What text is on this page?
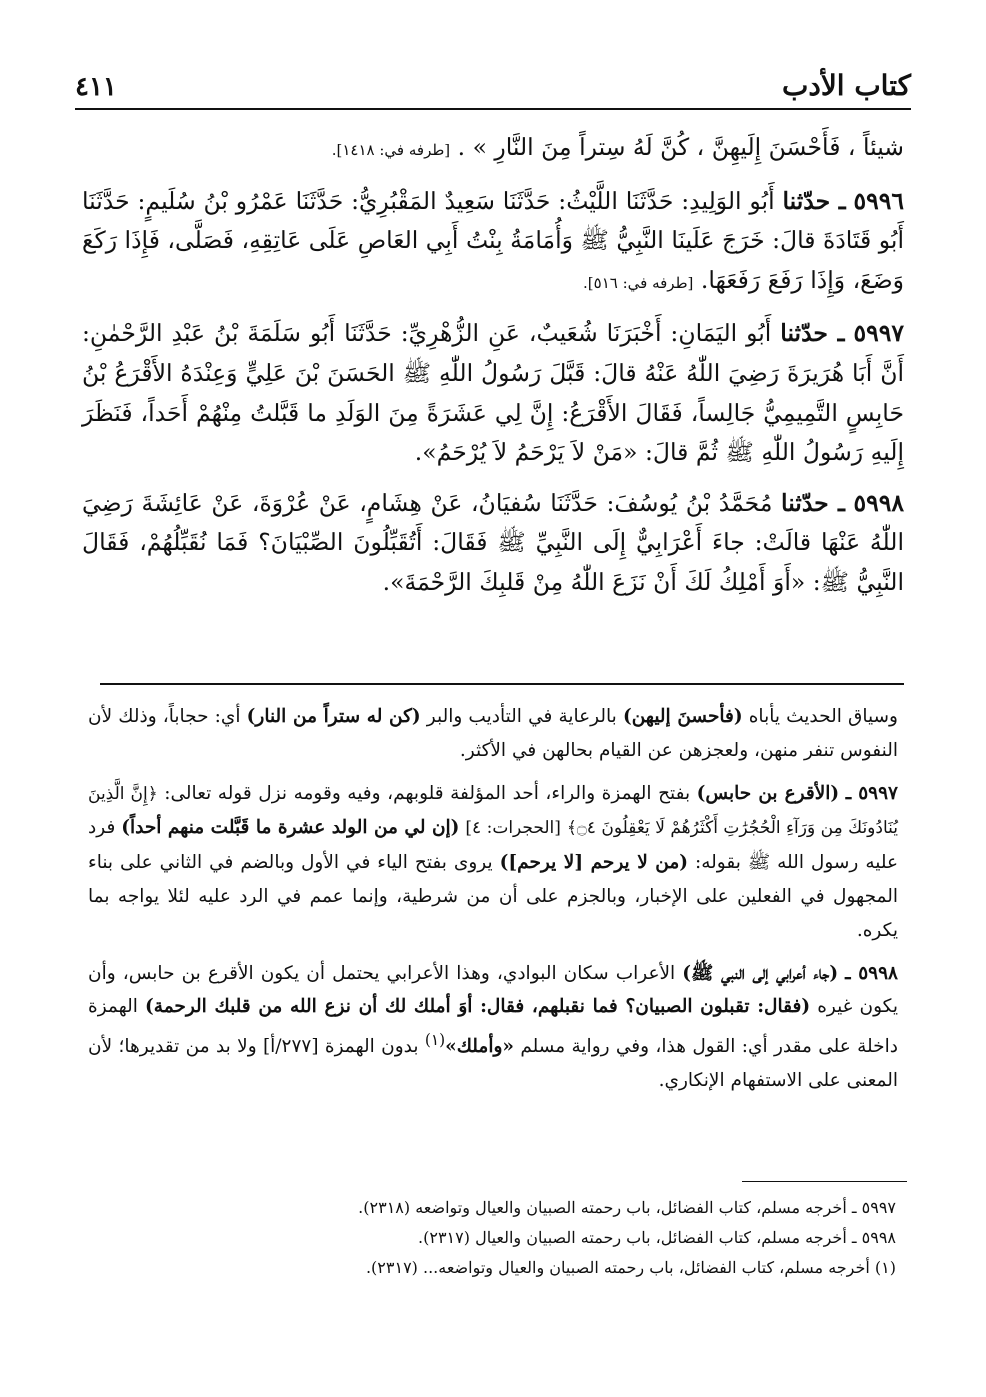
كتاب الأدب
٤١١

شيئاً ، فَأَحْسَنَ إِلَيهِنَّ ، كُنَّ لَهُ سِتراً مِنَ النَّارِ » . [طرفه في: ١٤١٨].

٥٩٩٦ ـ حدّثنا أَبُو الوَلِيدِ: حَدَّثَنَا اللَّيْثُ: حَدَّثَنَا سَعِيدٌ المَقْبُرِيُّ: حَدَّثَنَا عَمْرُو بْنُ سُلَيمٍ: حَدَّثَنَا أَبُو قَتَادَةَ قالَ: خَرَجَ عَلَينَا النَّبِيُّ ﷺ وَأُمَامَةُ بِنْتُ أَبِي العَاصِ عَلَى عَاتِقِهِ، فَصَلَّى، فَإِذَا رَكَعَ وَضَعَ، وَإِذَا رَفَعَ رَفَعَهَا. [طرفه في: ٥١٦].

٥٩٩٧ ـ حدّثنا أَبُو اليَمَانِ: أَخْبَرَنَا شُعَيبٌ، عَنِ الزُّهْرِيِّ: حَدَّثَنَا أَبُو سَلَمَةَ بْنُ عَبْدِ الرَّحْمٰنِ: أَنَّ أَبَا هُرَيرَةَ رَضِيَ اللّٰهُ عَنْهُ قالَ: قَبَّلَ رَسُولُ اللّٰهِ ﷺ الحَسَنَ بْنَ عَلِيٍّ وَعِنْدَهُ الأَقْرَعُ بْنُ حَابِسٍ التَّمِيمِيُّ جَالِساً، فَقَالَ الأَقْرَعُ: إِنَّ لِي عَشَرَةً مِنَ الوَلَدِ ما قَبَّلتُ مِنْهُمْ أَحَداً، فَنَظَرَ إِلَيهِ رَسُولُ اللّٰهِ ﷺ ثُمَّ قالَ: «مَنْ لاَ يَرْحَمُ لاَ يُرْحَمُ».

٥٩٩٨ ـ حدّثنا مُحَمَّدُ بْنُ يُوسُفَ: حَدَّثَنَا سُفيَانُ، عَنْ هِشَامٍ، عَنْ عُرْوَةَ، عَنْ عَائِشَةَ رَضِيَ اللّٰهُ عَنْهَا قالَتْ: جاءَ أَعْرَابِيٌّ إِلَى النَّبِيِّ ﷺ فَقَالَ: أَتُقَبِّلُونَ الصِّبْيَانَ؟ فَمَا نُقَبِّلُهُمْ، فَقَالَ النَّبِيُّ ﷺ: «أَوَ أَمْلِكُ لَكَ أَنْ نَزَعَ اللّٰهُ مِنْ قَلبِكَ الرَّحْمَةَ».

وسياق الحديث يأباه (فأحسنَ إليهن) بالرعاية في التأديب والبر (كن له ستراً من النار) أي: حجاباً، وذلك لأن النفوس تنفر منهن، ولعجزهن عن القيام بحالهن في الأكثر.

٥٩٩٧ ـ (الأقرع بن حابس) بفتح الهمزة والراء، أحد المؤلفة قلوبهم، وفيه وقومه نزل قوله تعالى: ﴿إِنَّ الَّذِينَ يُنَادُونَكَ مِن وَرَآءِ الْحُجُرَٰتِ أَكْثَرُهُمْ لَا يَعْقِلُونَ ۝٤﴾ [الحجرات: ٤] (إن لي من الولد عشرة ما قَبَّلت منهم أحداً) فرد عليه رسول الله ﷺ بقوله: (من لا يرحم [لا يرحم]) يروى بفتح الياء في الأول وبالضم في الثاني على بناء المجهول في الفعلين على الإخبار، وبالجزم على أن من شرطية، وإنما عمم في الرد عليه لئلا يواجه بما يكره.

٥٩٩٨ ـ (جاء أعرابي إلى النبي ﷺ) الأعراب سكان البوادي، وهذا الأعرابي يحتمل أن يكون الأقرع بن حابس، وأن يكون غيره (فقال: تقبلون الصبيان؟ فما نقبلهم، فقال: أوَ أملك لك أن نزع الله من قلبك الرحمة) الهمزة داخلة على مقدر أي: القول هذا، وفي رواية مسلم «وأملك»$^{(١)}$ بدون الهمزة [٢٧٧/أ] ولا بد من تقديرها؛ لأن المعنى على الاستفهام الإنكاري.

٥٩٩٧ ـ أخرجه مسلم، كتاب الفضائل، باب رحمته الصبيان والعيال وتواضعه (٢٣١٨).
٥٩٩٨ ـ أخرجه مسلم، كتاب الفضائل، باب رحمته الصبيان والعيال (٢٣١٧).
(١) أخرجه مسلم، كتاب الفضائل، باب رحمته الصبيان والعيال وتواضعه... (٢٣١٧).
